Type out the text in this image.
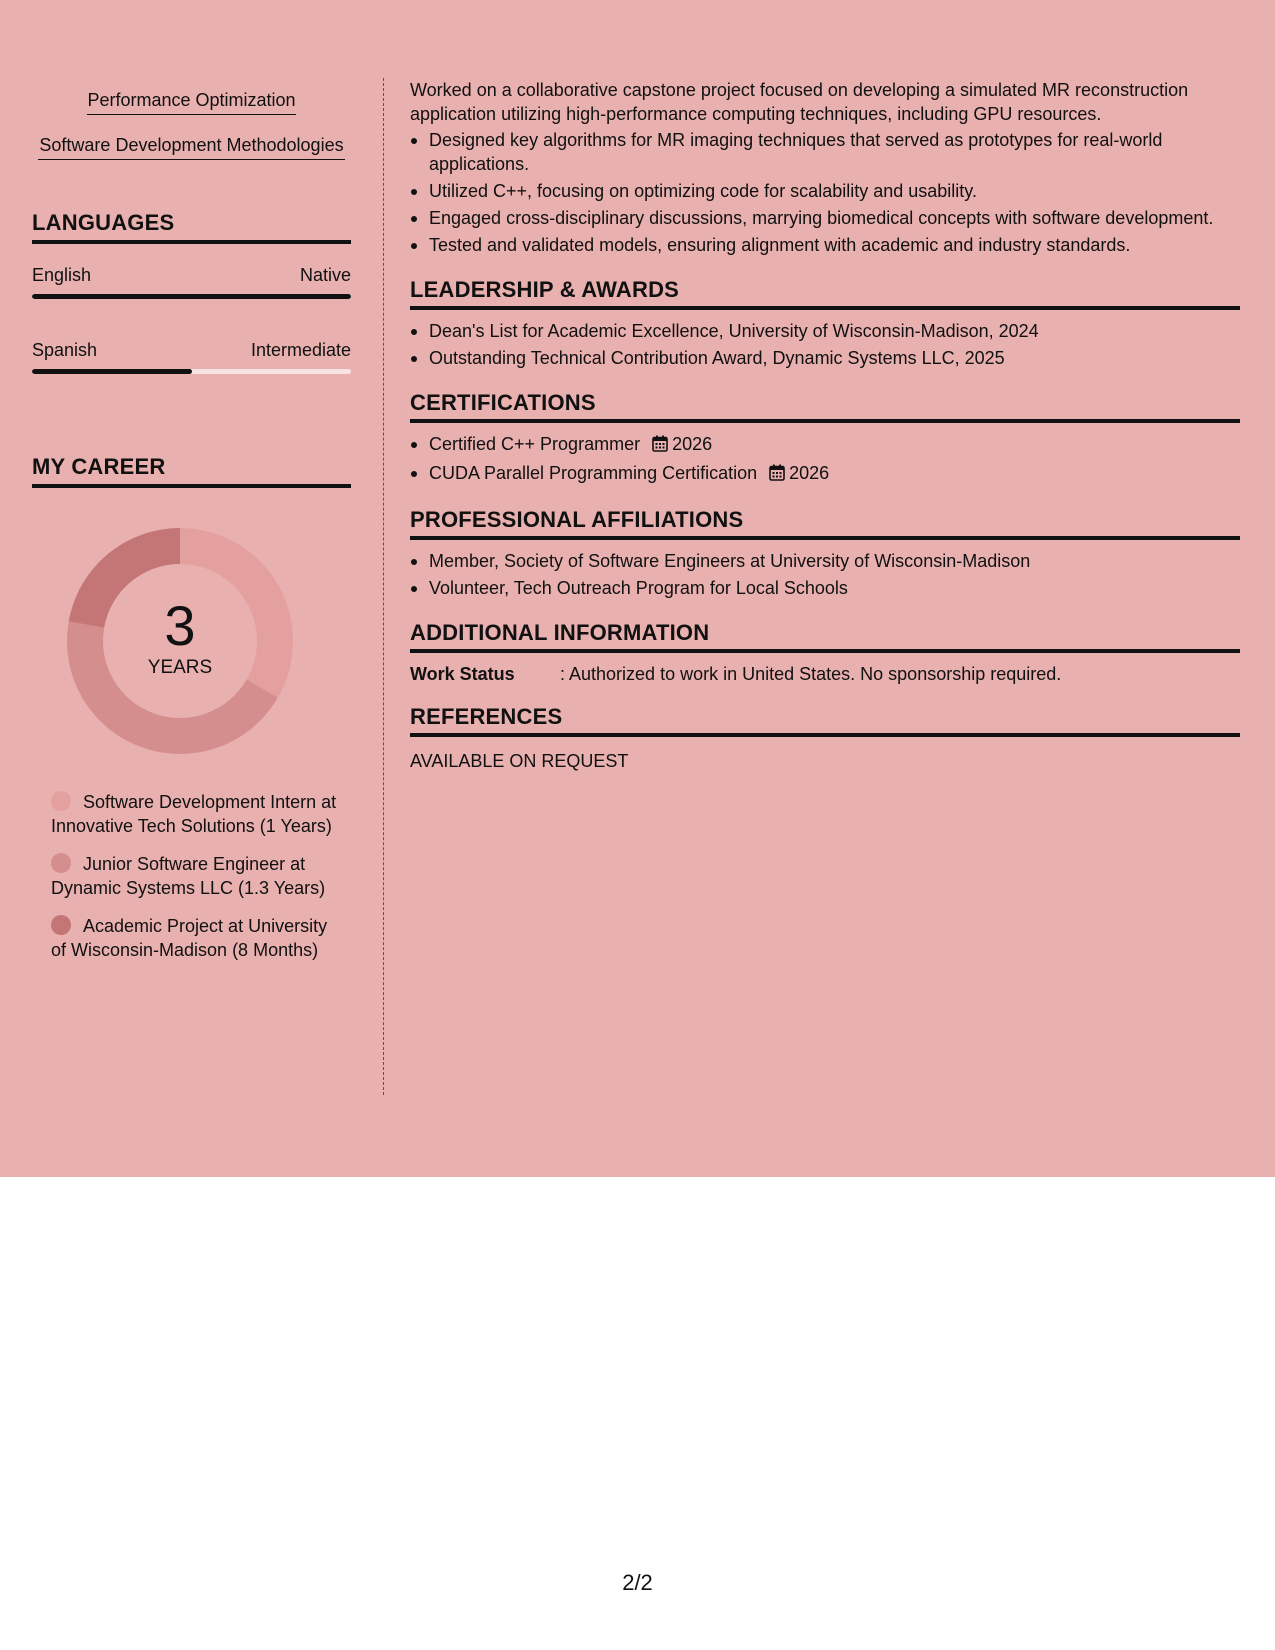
Performance Optimization
Software Development Methodologies
LANGUAGES
English	Native
Spanish	Intermediate
MY CAREER
3
YEARS
Software Development Intern at Innovative Tech Solutions (1 Years)
Junior Software Engineer at Dynamic Systems LLC (1.3 Years)
Academic Project at University of Wisconsin-Madison (8 Months)

Worked on a collaborative capstone project focused on developing a simulated MR reconstruction application utilizing high-performance computing techniques, including GPU resources.

Designed key algorithms for MR imaging techniques that served as prototypes for real-world applications.
Utilized C++, focusing on optimizing code for scalability and usability.
Engaged cross-disciplinary discussions, marrying biomedical concepts with software development.
Tested and validated models, ensuring alignment with academic and industry standards.
LEADERSHIP & AWARDS
Dean's List for Academic Excellence, University of Wisconsin-Madison, 2024
Outstanding Technical Contribution Award, Dynamic Systems LLC, 2025
CERTIFICATIONS
Certified C++ Programmer 2026
CUDA Parallel Programming Certification 2026
PROFESSIONAL AFFILIATIONS
Member, Society of Software Engineers at University of Wisconsin-Madison
Volunteer, Tech Outreach Program for Local Schools
ADDITIONAL INFORMATION
Work Status	: Authorized to work in United States. No sponsorship required.
REFERENCES
AVAILABLE ON REQUEST
2/2
